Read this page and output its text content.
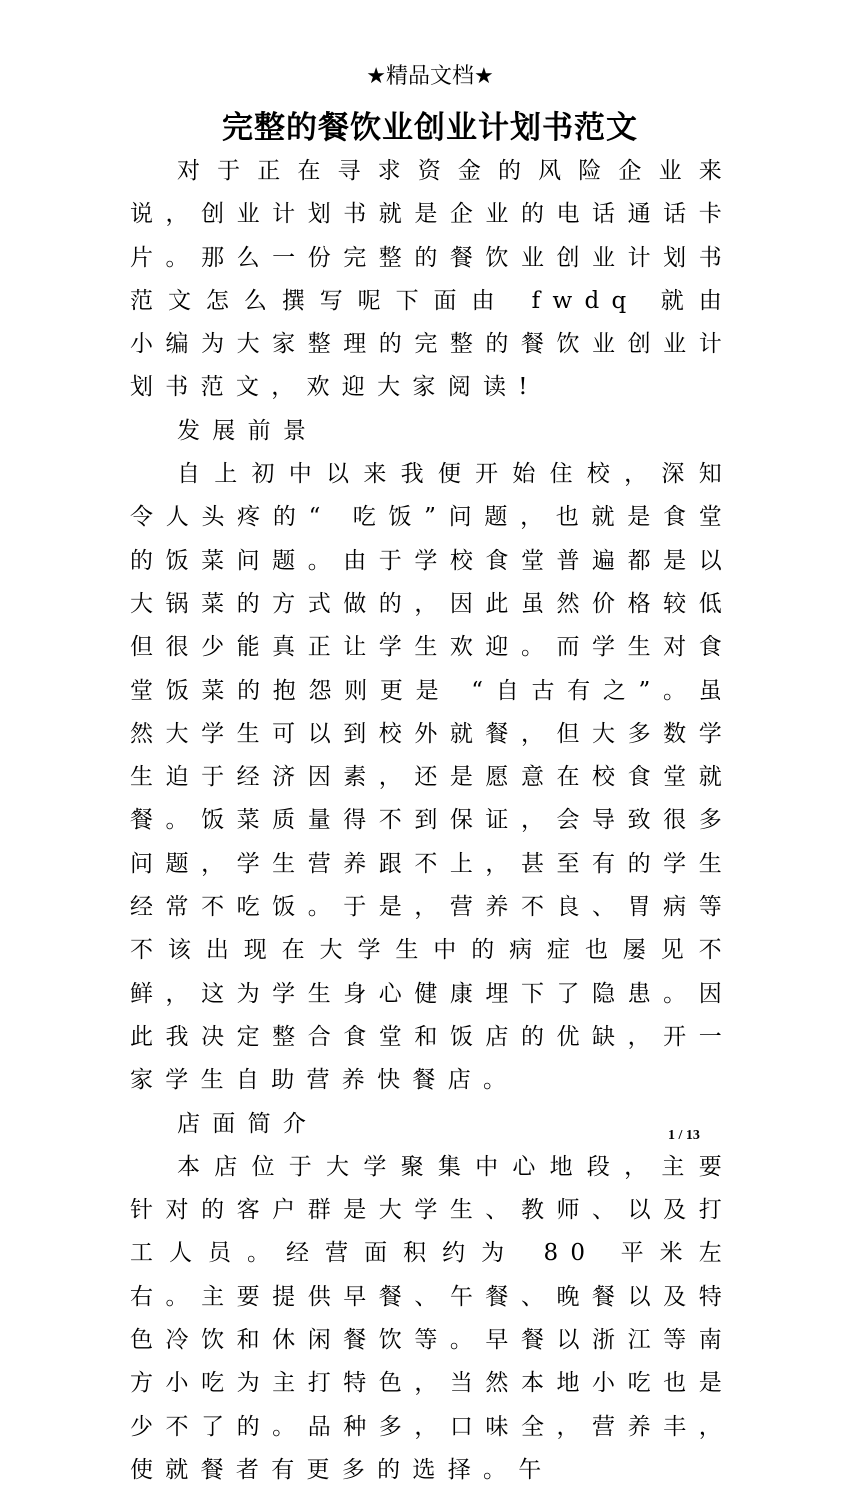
★精品文档★
完整的餐饮业创业计划书范文

对于正在寻求资金的风险企业来说，创业计划书就是企业的电话通话卡片。那么一份完整的餐饮业创业计划书范文怎么撰写呢下面由 fwdq 就由小编为大家整理的完整的餐饮业创业计划书范文，欢迎大家阅读!

发展前景

自上初中以来我便开始住校，深知令人头疼的“ 吃饭”问题，也就是食堂的饭菜问题。由于学校食堂普遍都是以大锅菜的方式做的，因此虽然价格较低但很少能真正让学生欢迎。而学生对食堂饭菜的抱怨则更是 “自古有之”。虽然大学生可以到校外就餐，但大多数学生迫于经济因素，还是愿意在校食堂就餐。饭菜质量得不到保证，会导致很多问题，学生营养跟不上，甚至有的学生经常不吃饭。于是，营养不良、胃病等不该出现在大学生中的病症也屡见不鲜，这为学生身心健康埋下了隐患。因此我决定整合食堂和饭店的优缺，开一家学生自助营养快餐店。

店面简介

本店位于大学聚集中心地段，主要针对的客户群是大学生、教师、以及打工人员。经营面积约为 80 平米左右。主要提供早餐、午餐、晚餐以及特色冷饮和休闲餐饮等。早餐以浙江等南方小吃为主打特色，当然本地小吃也是少不了的。品种多，口味全，营养丰，使就餐者有更多的选择。午

1 / 13
